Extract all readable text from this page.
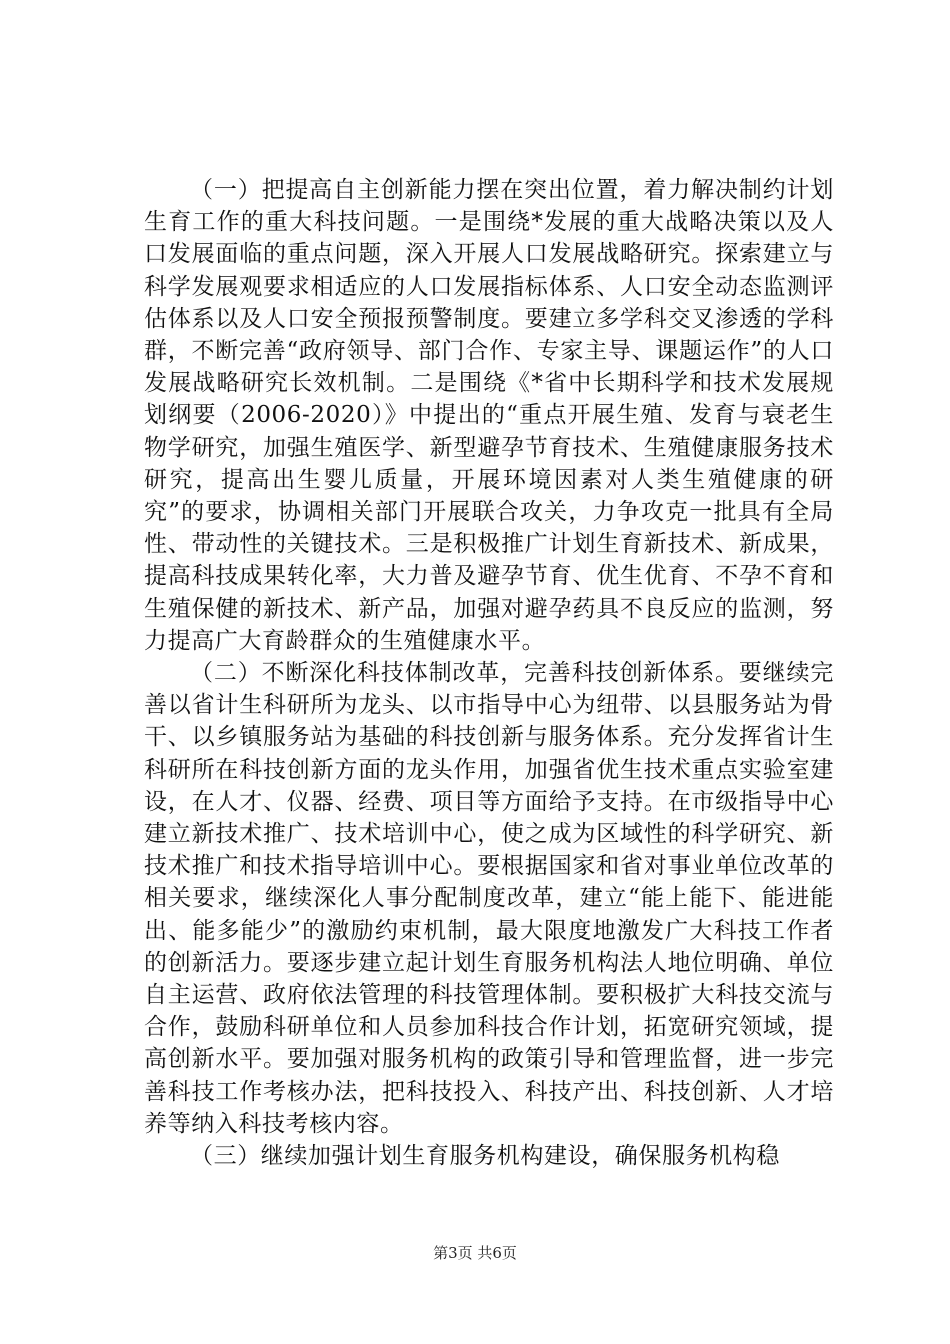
（一）把提高自主创新能力摆在突出位置，着力解决制约计划生育工作的重大科技问题。一是围绕*发展的重大战略决策以及人口发展面临的重点问题，深入开展人口发展战略研究。探索建立与科学发展观要求相适应的人口发展指标体系、人口安全动态监测评估体系以及人口安全预报预警制度。要建立多学科交叉渗透的学科群，不断完善“政府领导、部门合作、专家主导、课题运作”的人口发展战略研究长效机制。二是围绕《*省中长期科学和技术发展规划纲要（2006-2020）》中提出的“重点开展生殖、发育与衰老生物学研究，加强生殖医学、新型避孕节育技术、生殖健康服务技术研究，提高出生婴儿质量，开展环境因素对人类生殖健康的研究”的要求，协调相关部门开展联合攻关，力争攻克一批具有全局性、带动性的关键技术。三是积极推广计划生育新技术、新成果，提高科技成果转化率，大力普及避孕节育、优生优育、不孕不育和生殖保健的新技术、新产品，加强对避孕药具不良反应的监测，努力提高广大育龄群众的生殖健康水平。

（二）不断深化科技体制改革，完善科技创新体系。要继续完善以省计生科研所为龙头、以市指导中心为纽带、以县服务站为骨干、以乡镇服务站为基础的科技创新与服务体系。充分发挥省计生科研所在科技创新方面的龙头作用，加强省优生技术重点实验室建设，在人才、仪器、经费、项目等方面给予支持。在市级指导中心建立新技术推广、技术培训中心，使之成为区域性的科学研究、新技术推广和技术指导培训中心。要根据国家和省对事业单位改革的相关要求，继续深化人事分配制度改革，建立“能上能下、能进能出、能多能少”的激励约束机制，最大限度地激发广大科技工作者的创新活力。要逐步建立起计划生育服务机构法人地位明确、单位自主运营、政府依法管理的科技管理体制。要积极扩大科技交流与合作，鼓励科研单位和人员参加科技合作计划，拓宽研究领域，提高创新水平。要加强对服务机构的政策引导和管理监督，进一步完善科技工作考核办法，把科技投入、科技产出、科技创新、人才培养等纳入科技考核内容。

（三）继续加强计划生育服务机构建设，确保服务机构稳

第3页 共6页
